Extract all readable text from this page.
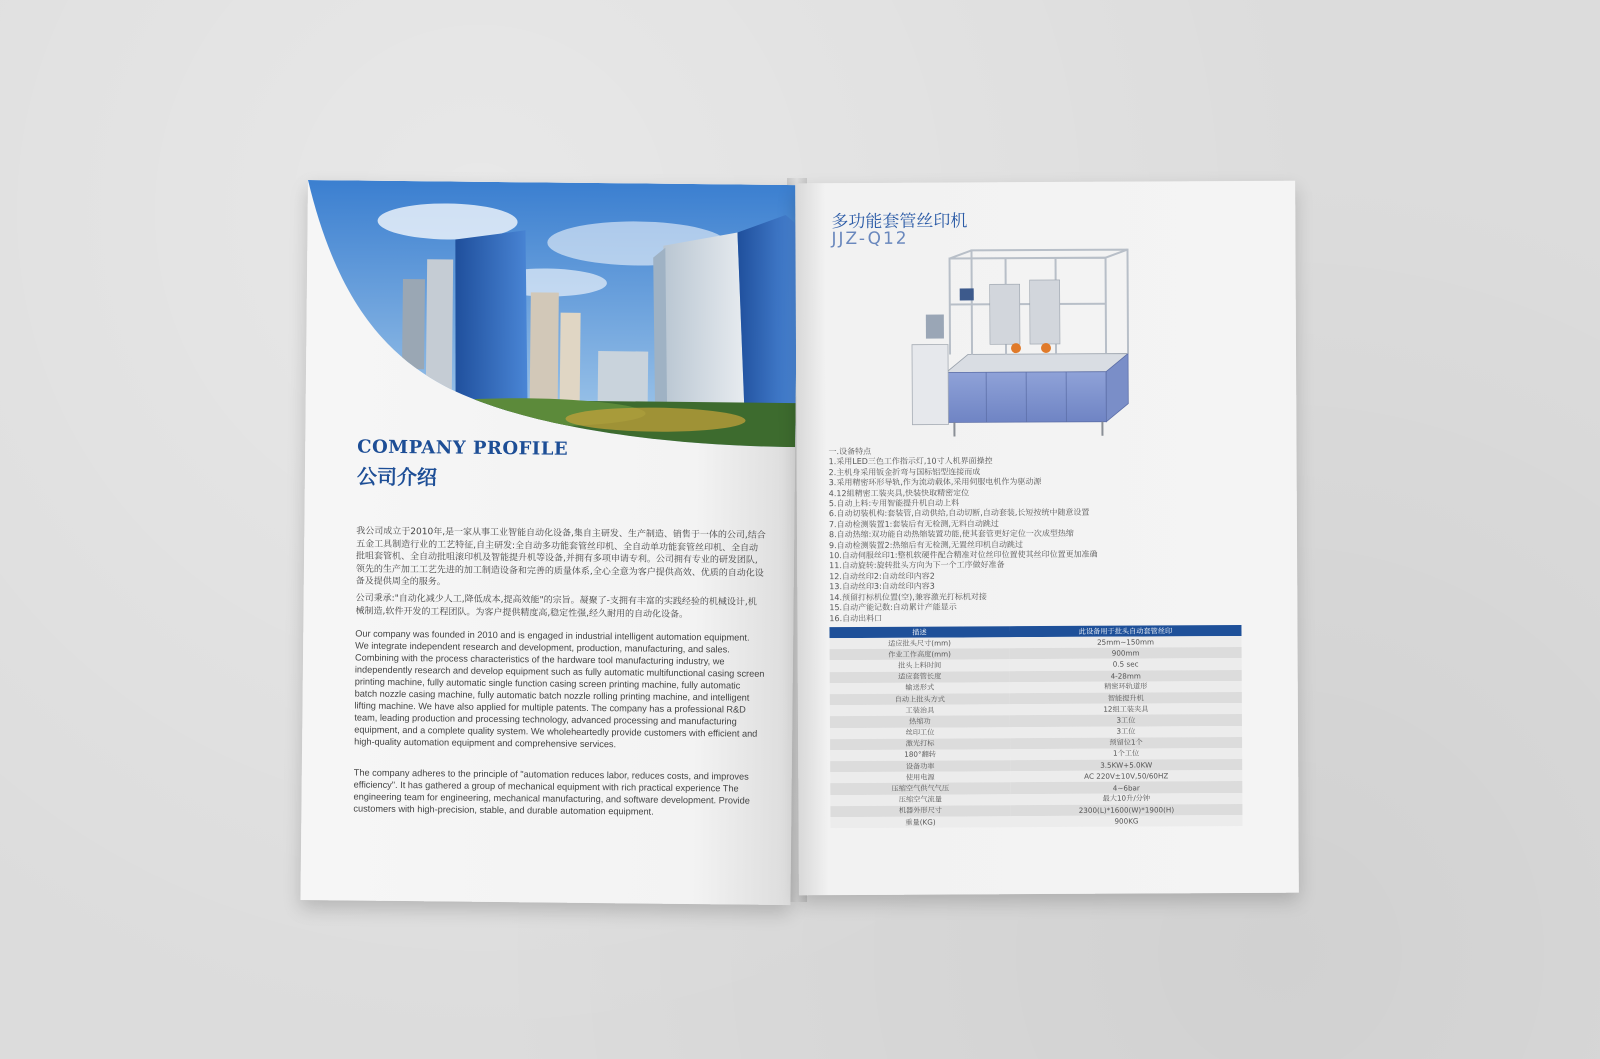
COMPANY PROFILE
公司介绍

我公司成立于2010年,是一家从事工业智能自动化设备,集自主研发、生产制造、销售于一体的公司,结合五金工具制造行业的工艺特征,自主研发:全自动多功能套管丝印机、全自动单功能套管丝印机、全自动批咀套管机、全自动批咀滚印机及智能提升机等设备,并拥有多项申请专利。公司拥有专业的研发团队,领先的生产加工工艺先进的加工制造设备和完善的质量体系,全心全意为客户提供高效、优质的自动化设备及提供周全的服务。

公司秉承:"自动化减少人工,降低成本,提高效能"的宗旨。凝聚了-支拥有丰富的实践经验的机械设计,机械制造,软件开发的工程团队。为客户提供精度高,稳定性强,经久耐用的自动化设备。

Our company was founded in 2010 and is engaged in industrial intelligent automation equipment. We integrate independent research and development, production, manufacturing, and sales. Combining with the process characteristics of the hardware tool manufacturing industry, we independently research and develop equipment such as fully automatic multifunctional casing screen printing machine, fully automatic single function casing screen printing machine, fully automatic batch nozzle casing machine, fully automatic batch nozzle rolling printing machine, and intelligent lifting machine. We have also applied for multiple patents. The company has a professional R&D team, leading production and processing technology, advanced processing and manufacturing equipment, and a complete quality system. We wholeheartedly provide customers with efficient and high-quality automation equipment and comprehensive services.

The company adheres to the principle of "automation reduces labor, reduces costs, and improves efficiency". It has gathered a group of mechanical equipment with rich practical experience The engineering team for engineering, mechanical manufacturing, and software development. Provide customers with high-precision, stable, and durable automation equipment.

多功能套管丝印机
JJZ-Q12
一.设备特点
1.采用LED三色工作指示灯,10寸人机界面操控
2.主机身采用钣金折弯与国标铝型连接而成
3.采用精密环形导轨,作为流动载体,采用伺服电机作为驱动源
4.12組精密工装夹具,快装快取精密定位
5.自动上料:专用智能提升机自动上料
6.自动切装机构:套装管,自动供给,自动切断,自动套装,长短按统中随意设置
7.自动检测装置1:套装后有无检测,无料自动跳过
8.自动热缩:双功能自动热缩装置功能,使其套管更好定位一次成型热缩
9.自动检测装置2:热缩后有无检测,无置丝印机自动跳过
10.自动伺服丝印1:整机软硬件配合精准对位丝印位置使其丝印位置更加准确
11.自动旋转:旋转批头方向为下一个工序做好准备
12.自动丝印2:自动丝印内容2
13.自动丝印3:自动丝印内容3
14.预留打标机位置(空),兼容激光打标机对接
15.自动产能记数:自动累计产能显示
16.自动出料口
描述	此设备用于批头自动套管丝印
适应批头尺寸(mm)	25mm~150mm
作业工作高度(mm)	900mm
批头上料时间	0.5 sec
适应套管长度	4-28mm
输送形式	精密环轨道形
自动上批头方式	智能提升机
工装治具	12组工装夹具
热缩功	3工位
丝印工位	3工位
激光打标	预留位1个
180°翻转	1个工位
设备功率	3.5KW+5.0KW
使用电源	AC 220V±10V,50/60HZ
压缩空气供气气压	4~6bar
压缩空气流量	最大10升/分钟
机器外形尺寸	2300(L)*1600(W)*1900(H)
重量(KG)	900KG
